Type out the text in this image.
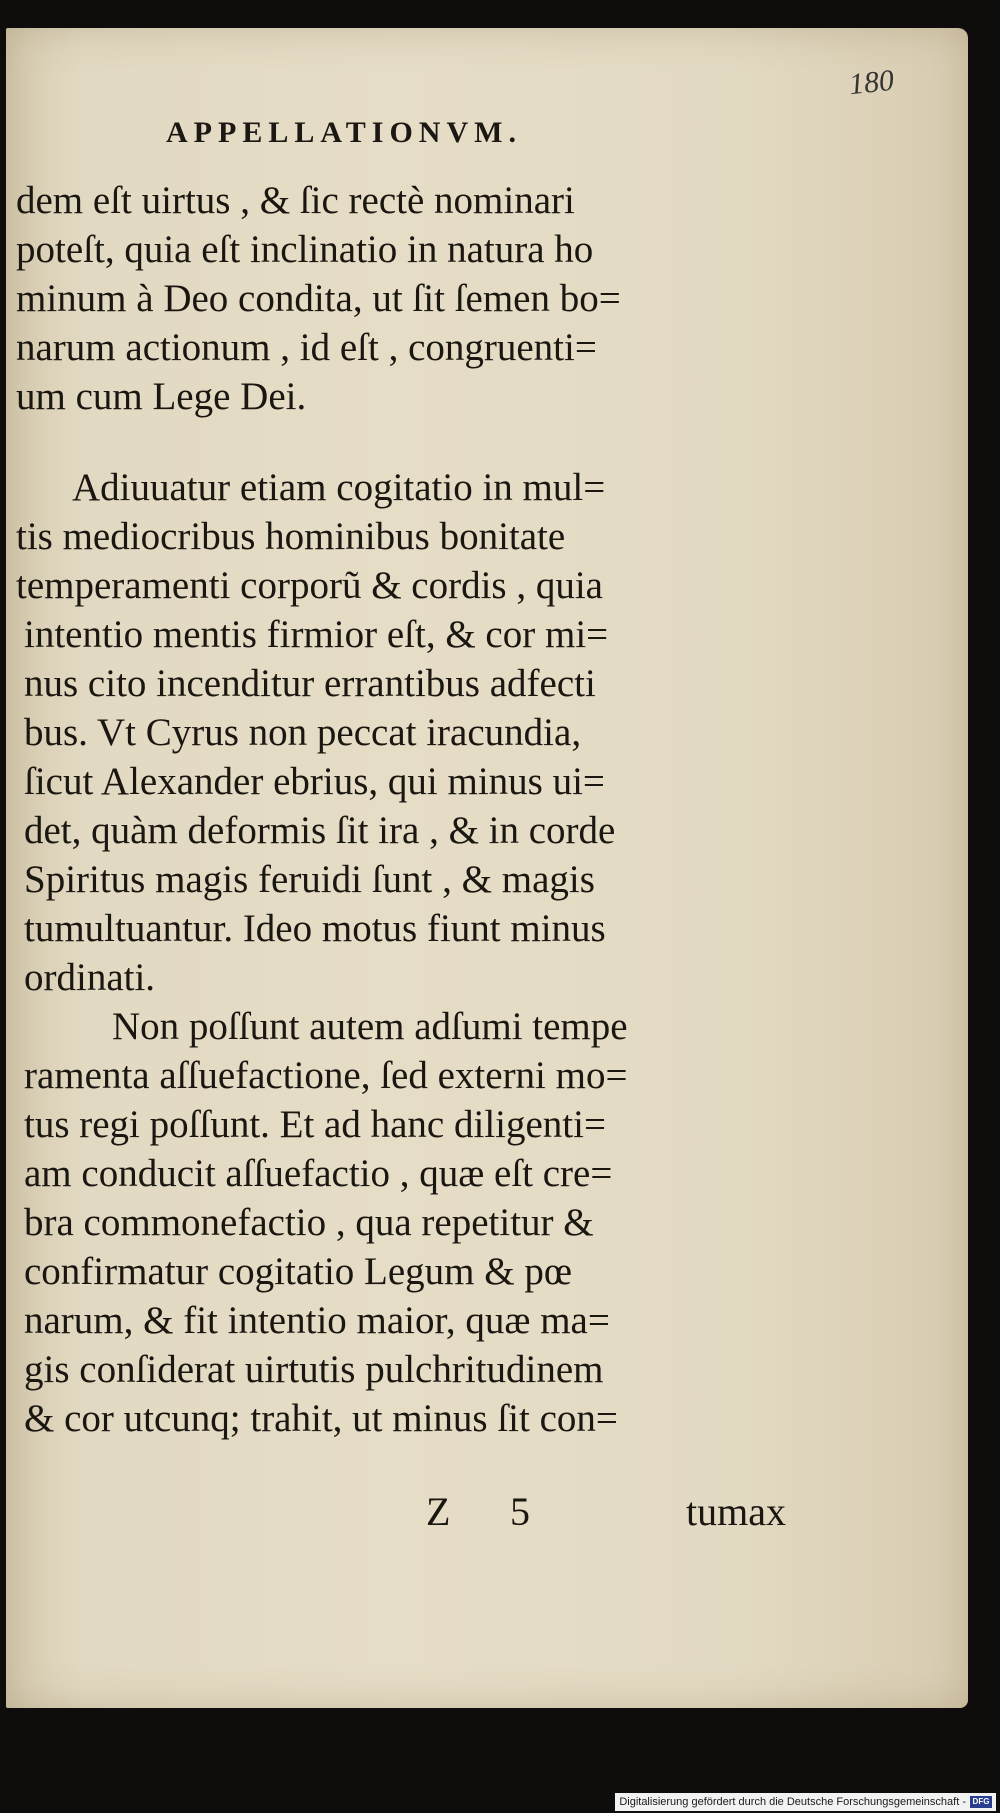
180
APPELLATIONVM.
dem eſt uirtus , & ſic rectè nominari
poteſt, quia eſt inclinatio in natura ho
minum à Deo condita, ut ſit ſemen bo=
narum actionum , id eſt , congruenti=
um cum Lege Dei.
Adiuuatur etiam cogitatio in mul=
tis mediocribus hominibus bonitate
temperamenti corporũ & cordis , quia
intentio mentis firmior eſt, & cor mi=
nus cito incenditur errantibus adfecti
bus. Vt Cyrus non peccat iracundia,
ſicut Alexander ebrius, qui minus ui=
det, quàm deformis ſit ira , & in corde
Spiritus magis feruidi ſunt , & magis
tumultuantur. Ideo motus fiunt minus
ordinati.
Non poſſunt autem adſumi tempe
ramenta aſſuefactione, ſed externi mo=
tus regi poſſunt. Et ad hanc diligenti=
am conducit aſſuefactio , quæ eſt cre=
bra commonefactio , qua repetitur &
confirmatur cogitatio Legum & pœ
narum, & fit intentio maior, quæ ma=
gis conſiderat uirtutis pulchritudinem
& cor utcunq; trahit, ut minus ſit con=
Z 5	tumax
Digitalisierung gefördert durch die Deutsche Forschungsgemeinschaft - DFG
